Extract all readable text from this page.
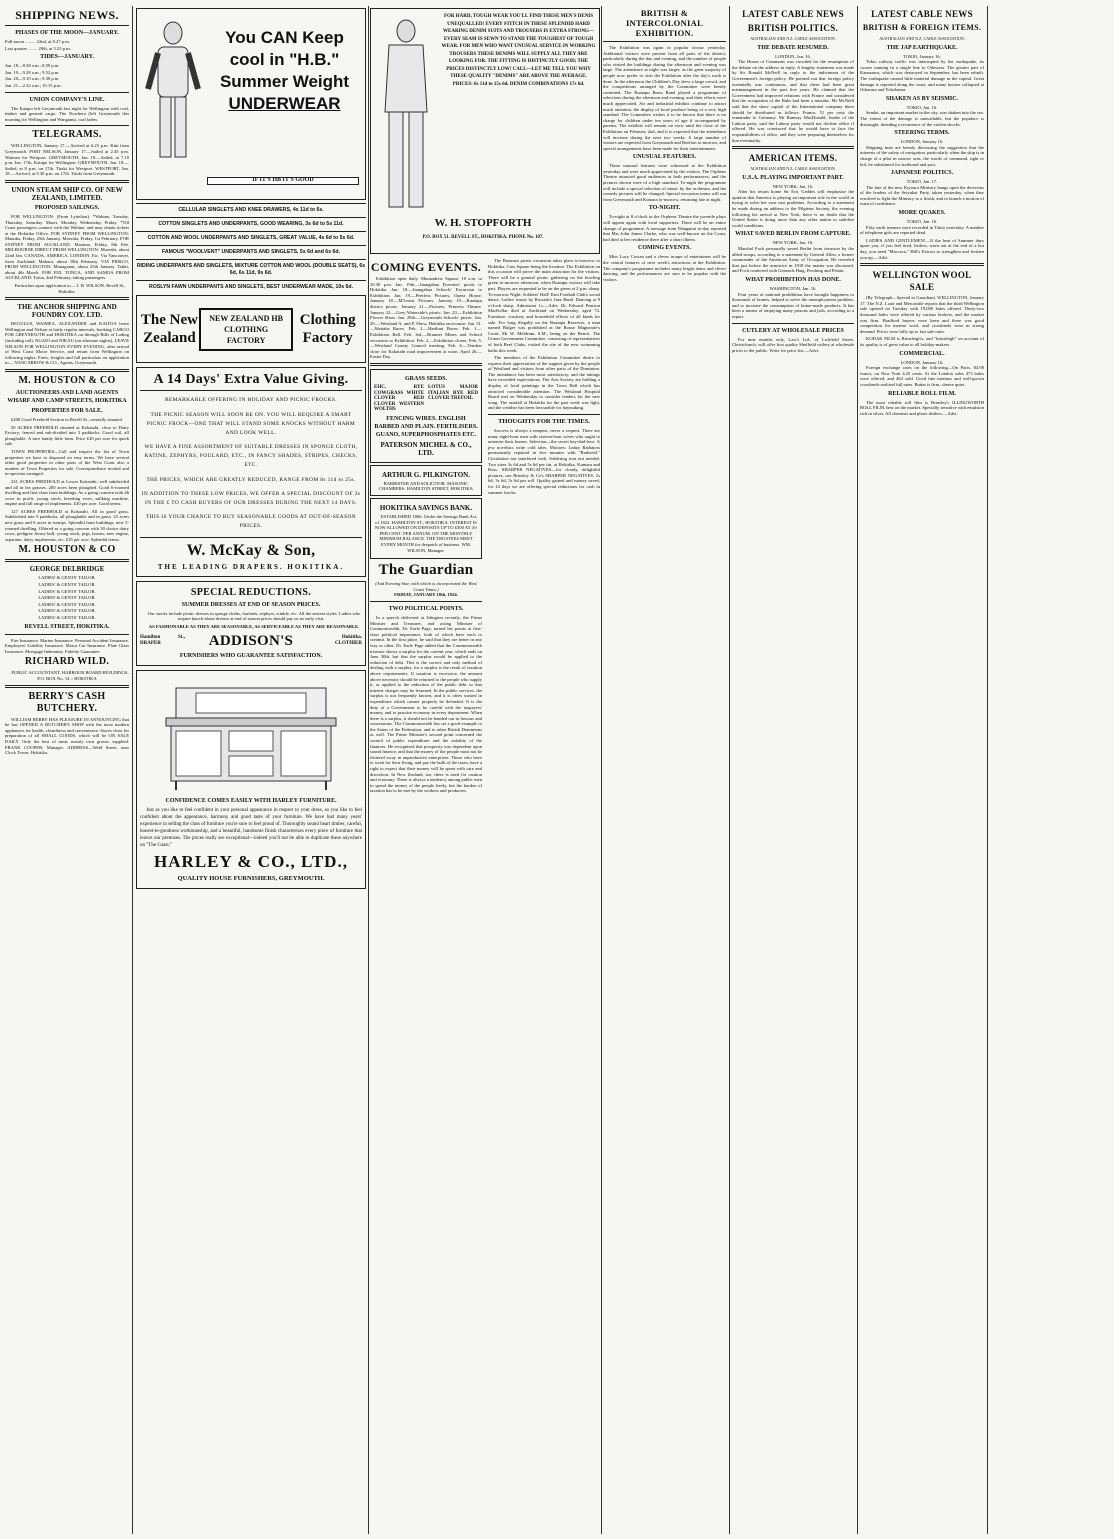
SHIPPING NEWS.
PHASES OF THE MOON—JANUARY.
Full moon ......... 22nd, at 0.27 p.m.
Last quarter ........ 29th, at 5.23 p.m.
TIDES—JANUARY.
Jan. 18—8.38 a.m.; 8.59 p.m.
Jan. 19—9.28 a.m.; 9.52 p.m.
Jan. 20—9.10 a.m.; 9.30 p.m.
Jan. 21—2.32 a.m.; 10.15 p.m.
UNION COMPANY'S LINE.

The Kaiapo left Greymouth last night for Wellington with coal, timber and general cargo. The Nowhera (left Greymouth this morning for Wellington and Wanganui, coal laden.

TELEGRAMS.

WELLINGTON, January 17.—Arrived at 6.25 p.m. Kini from Greymouth. PORT NELSON, January 17.—Sailed at 2.45 p.m. Waimea for Westport. GREYMOUTH, Jan. 18.—Sailed, at 7.10 p.m. Jan. 17th, Kaiapo for Wellington. GREYMOUTH, Jan. 18.—Sailed, at 8 p.m. on 17th. Titoki for Westport. WESTPORT, Jan. 18.—Arrived, at 9.30 p.m. on 17th. Titoki from Greymouth.

UNION STEAM SHIP CO. OF NEW ZEALAND, LIMITED.
PROPOSED SAILINGS.

FOR WELLINGTON: (From Lyttelton). *Wahine, Tuesday, Thursday, Saturday. Maori, Monday, Wednesday, Friday. *Till Coast passengers connect with the Wahine, and may obtain tickets at the Hokitika Office. FOR SYDNEY FROM WELLINGTON: Manuka, Friday, 25th January. Moeraki, Friday, 1st February. FOR SYDNEY FROM AUCKLAND: Marama, Friday, 8th Feb. MELBOURNE DIRECT FROM WELLINGTON: Moeraki, about 22nd Jan. CANADA, AMERICA, LONDON, Etc. Via Vancouver, from Auckland: Makura, about 18th February. VIA FRISCO, FROM WELLINGTON: Maunganui, about 25th January. Tahiti, about 4th March. FOR FIJI, TONGA, AND SAMOA FROM AUCKLAND: Tofua, 2nd February, taking passengers.

Particulars upon application to— J. H. WILSON, Revell St., Hokitika.

THE ANCHOR SHIPPING AND FOUNDRY COY. LTD.

REGULUS, WAIMEA, ALEXANDER and KAITOA leave Wellington and Nelson at fairly regular intervals, booking CARGO FOR GREYMOUTH and HOKITIKA on through Bills of Lading (including rail). NGAIO and NIKAU (on alternate nights), LEAVE NELSON FOR WELLINGTON EVERY EVENING, after arrival of West Coast Motor Service, and return from Wellington on following nights. Fares, freights and full particulars on application to— NANCARROW & CO., Agents, Greymouth.

M. HOUSTON & CO
AUCTIONEERS AND LAND AGENTS WHARF AND CAMP STREETS, HOKITIKA
PROPERTIES FOR SALE.

£200 Good Freehold Section in Revell St., centrally situated.

50 ACRES FREEHOLD situated at Kokatahi, close to Dairy Factory; fenced and sub-divided into 3 paddocks. Good soil, all ploughable. A nice handy little farm. Price £20 per acre for quick sale.

TOWN PROPERTIES—Call and inspect the list of Town properties we have to disposed on easy terms. We have several other good properties in other parts of the West Coast also a number of Town Properties for sale. Correspondence invited and in-spection arranged.

231 ACRES FREEHOLD at Lower Kokatahi, well subdivided and all in lea grasses. 200 acres been ploughed. Good 6-roomed dwelling and first-class farm buildings. As a going concern with 46 cows in profit, young stock, breeding ewes, milking machine, engine and full range of implements. £30 per acre. Good terms.

127 ACRES FREEHOLD at Kokatahi. All in good grass. Subdivided into 9 paddocks, all ploughable and in grass. 25 acres new grass and 6 acres in turnips. Splendid farm buildings, new 5-roomed dwelling. Offered as a going concern with 30 choice dairy cows, pedigree Jersey bull, young stock, pigs, horses, new engine, separator, dairy implements, etc. £35 per acre. Splendid terms.

M. HOUSTON & CO
GEORGE DELBRIDGE
LADIES' & GENTS' TAILOR.
LADIES' & GENTS' TAILOR.
LADIES' & GENTS' TAILOR.
LADIES' & GENTS' TAILOR.
LADIES' & GENTS' TAILOR.
LADIES' & GENTS' TAILOR.
LADIES' & GENTS' TAILOR.
REVELL STREET, HOKITIKA.

Fire Insurance. Marine Insurance. Personal Accident Insurance. Employers' Liability Insurance. Motor Car Insurance. Plate Glass Insurance. Mortgage Indemnity. Fidelity Guarantee.

RICHARD WILD.

PUBLIC ACCOUNTANT, HARBOUR BOARD BUILDINGS, P.O. BOX No. 14 :: HOKITIKA

BERRY'S CASH BUTCHERY.

WILLIAM BERRY HAS PLEASURE IN ANNOUNCING that he has OPENED A BUTCHER'S SHOP with the most modern appliances for health, cleanliness and convenience. Stores close for preparation of all SMALL GOODS, which will be ON SALE DAILY. Only the best of meat, mostly own grown, supplied. FRANK COOPER, Manager. ADDRESS—Weld Street, near Clock Tower, Hokitika.

You CAN Keep
cool in "H.B."
Summer Weight
UNDERWEAR
IF IT'S HB IT'S GOOD
CELLULAR SINGLETS AND KNEE DRAWERS, 4s 11d to 6s.
COTTON SINGLETS AND UNDERPANTS, GOOD WEARING, 3s 6d to 5s 11d.
COTTON AND WOOL UNDERPANTS AND SINGLETS, GREAT VALUE, 4s 6d to 5s 6d.
FAMOUS "WOOLVENT" UNDERPANTS AND SINGLETS, 5s 6d and 6s 6d.
RIDING UNDERPANTS AND SINGLETS, MIXTURE COTTON AND WOOL (DOUBLE SEATS), 6s 6d, 6s 11d, 9s 6d.
ROSLYN FAWN UNDERPANTS AND SINGLETS, BEST UNDERWEAR MADE, 10s 6d.
The New Zealand
NEW ZEALAND HB CLOTHING FACTORY
Clothing Factory
A 14 Days' Extra Value Giving.

REMARKABLE OFFERING IN HOLIDAY AND PICNIC FROCKS.

THE PICNIC SEASON WILL SOON BE ON. YOU WILL REQUIRE A SMART PICNIC FROCK—ONE THAT WILL STAND SOME KNOCKS WITHOUT HARM AND LOOK WELL.

WE HAVE A FINE ASSORTMENT OF SUITABLE DRESSES IN SPONGE CLOTH, RATINE, ZEPHYRS, FOULARD, ETC., IN FANCY SHADES, STRIPES, CHECKS, ETC.

THE PRICES, WHICH ARE GREATLY REDUCED, RANGE FROM 8s 11d to 25s.

IN ADDITION TO THESE LOW PRICES, WE OFFER A SPECIAL DISCOUNT OF 2s IN THE £ TO CASH BUYERS OF OUR DRESSES DURING THE NEXT 14 DAYS.

THIS IS YOUR CHANCE TO BUY SEASONABLE GOODS AT OUT-OF-SEASON PRICES.

W. McKay & Son,
THE LEADING DRAPERS. HOKITIKA.
SPECIAL REDUCTIONS.
SUMMER DRESSES AT END OF SEASON PRICES.

Our stocks include picnic dresses in sponge cloths, foulards, zephyrs, crinkle, etc. All the newest styles. Ladies who require knock-about dresses at end of season prices should pay us an early visit.

AS FASHIONABLE AS THEY ARE SEASONABLE, AS SERVICEABLE AS THEY ARE REASONABLE.

Hamilton St., DRAPER	ADDISON'S	Hokitika. CLOTHIER
FURNISHERS WHO GUARANTEE SATISFACTION.
CONFIDENCE COMES EASILY WITH HARLEY FURNITURE.

Just as you like to feel confident in your personal appearance in respect to your dress, so you like to feel confident about the appearance, harmony and good taste of your furniture. We have had many years' experience in selling the class of furniture you're sure to feel proud of. Thoroughly sound heart timber, careful, honest-to-goodness workmanship, and a beautiful, handsome finish characterises every piece of furniture that leaves our premises. The prices really are exceptional—indeed you'll not be able to duplicate these anywhere on "The Coast."

HARLEY & CO., LTD.,
QUALITY HOUSE FURNISHERS, GREYMOUTH.
FOR HARD, TOUGH WEAR YOU'LL FIND THESE MEN'S DENIS UNEQUALLED! EVERY STITCH IN THESE SPLENDID HARD WEARING DENIM SUITS AND TROUSERS IS EXTRA STRONG—EVERY SEAM IS SEWN TO STAND THE TOUGHEST OF TOUGH WEAR. FOR MEN WHO WANT UNUSUAL SERVICE IN WORKING TROUSERS THESE DENIMS WILL SUPPLY ALL THEY ARE LOOKING FOR. THE FITTING IS DISTINCTLY GOOD; THE PRICES DISTINCTLY LOW! CALL—LET ME TELL YOU WHY THESE QUALITY "DENIMS" ARE ABOVE THE AVERAGE. PRICES: 6s 11d to 15s 6d. DENIM COMBINATIONS 17s 6d.
W. H. STOPFORTH
P.O. BOX 51. REVELL ST., HOKITIKA. PHONE No. 107.
COMING EVENTS.

Exhibition open daily. Maoandrew Square, 10 a.m. to 10.30 p.m. Jan. 19th.—Inangahua Foresters' picnic to Hokitika. Jan. 18.—Inangahua Schools' Excursion to Exhibition. Jan. 19.—Peerless Pictures, Opera House. January 18.—M'Leans Pictures. January 19.—Ruatapu district picnic. January 21.—Pictures, Princess Theatre. January 22.—Grey Waterside's picnic. Jan. 23.—Exhibition Flower Show. Jan. 29th.—Greymouth Schools' picnic. Jan. 29.—Westland A. and P. Show, Hokitika racecourse. Jan. 31.—Waitaha Races. Feb. 2.—Harihari Races. Feb. 1.—Exhibition Ball. Feb. 3rd.—Brunner Mines and School excursion to Exhibition. Feb. 2.—Exhibition closes. Feb. 5.—Westland County Council meeting. Feb. 6.—Tenders close for Kokatahi road improvement at noon. April 26.—Easter Day.

GRASS SEEDS.
EHC. RYE COWGRASS WHITE CLOVER RED CLOVER WESTERN WOLTHS
LOTUS MAJOR ITALIAN RYE RED CLOVER TREFOIL
FENCING WIRES. ENGLISH BARBED AND PLAIN. FERTILISERS. GUANO, SUPERPHOSPHATES ETC.
PATERSON MICHEL & CO., LTD.
ARTHUR G. PILKINGTON.
BARRISTER AND SOLICITOR. MASONIC CHAMBERS. HAMILTON STREET, HOKITIKA
HOKITIKA SAVINGS BANK.

ESTABLISHED 1866. Under the Savings Bank Act, of 1822. HAMILTON ST., HOKITIKA. INTEREST IS NOW ALLOWED ON DEPOSITS UP TO £500 AT 4½ PER CENT. PER ANNUM. ON THE MONTHLY MINIMUM BALANCE. THE TRUSTEES MEET EVERY MONTH for despatch of business. WM. WILSON, Manager.

The Guardian
(And Evening Star, with which is incorporated the West Coast Times.)
FRIDAY, JANUARY 18th, 1924.
TWO POLITICAL POINTS.

In a speech delivered at Islington recently, the Prime Minister and Treasurer, and acting Minister of Commonwealth, Dr. Earle Page, turned his points at first-class political importance, both of which have each to commit. In the first place, he said that they are better in any way or other. Dr. Earle Page added that the Commonwealth treasure shows a surplus for the current year, which ends on June 30th, but that the surplus would be applied to the reduction of debt. This is the correct and only method of dealing with a surplus, for a surplus is the result of taxation above requirements. If taxation is excessive, the amount above necessity should be returned to the people who supply it, or applied to the reduction of the public debt so that interest charges may be lessened. In the public services, the surplus is not frequently known, and it is often wasted in expenditure which cannot properly be defended. It is the duty of a Government to be careful with the taxpayers' money, and to practise economy in every department. When there is a surplus, it should not be handed out in favours and concessions. The Commonwealth has set a good example to the States of the Federation, and to other British Dominions as well. The Prime Minister's second point concerned the control of public expenditure and the stability of the finances. He recognised that prosperity was dependent upon sound finance, and that the money of the people must not be frittered away in unproductive enterprises. Those who have to work for their living, and pay the bulk of the taxes, have a right to expect that their money will be spent with care and discretion. In New Zealand, too, there is need for caution and economy. There is always a tendency among public men to spend the money of the people freely, but the burden of taxation has to be met by the workers and producers.

The Bonanza picnic excursion takes place to-morrow to Hokitika, Cass Square being the location. The Exhibition on this occasion will prove the main attraction for the visitors. There will be a general picnic gathering on the bowling green to-morrow afternoon, when Ruatapu visitors will take part. Players are requested to be on the green at 2 p.m. sharp. To-morrow Night: Soldiers' Hall! Kini Football Club's social dance. Ladies' music by Rossetti's Jazz Band. Dancing at 9 o'clock sharp. Admission 1s.—Advt. Dr. Edward Pearson MacKellar died at Auckland on Wednesday, aged 74. Furniture, crockery and household effects of all kinds for sale. For long illegally on the Ruatapu Reserves, a man named Bulger was prohibited at the Rouse Magistrate's Court, Mr W. Meldrum, S.M., being on the Bench. The Union Government Committee, consisting of representatives of both Reef Clubs, visited the site of the new swimming baths this week.

The members of the Exhibition Committee desire to express their appreciation of the support given by the people of Westland and visitors from other parts of the Dominion. The attendance has been most satisfactory, and the takings have exceeded expectations. The Arts Society are holding a display of local paintings in the Town Hall which has attracted considerable attention. The Westland Hospital Board met on Wednesday to consider tenders for the new wing. The rainfall at Hokitika for the past week was light, and the weather has been favourable for haymaking.

THOUGHTS FOR THE TIMES.

Success is always a tempest, never a request. There are many eight-hour men with sixteen-hour wives who ought to unionise their homes. Selection—the secret key-dad-love. A jew novelists write cold tales. Mottoes: Leaky Radiators permanently repaired in five minutes with "Radweld." Circulation not interfered with. Soldering iron not needed. Two sizes 3s 6d and 5s 6d per tin, at Hokitika, Kumara and Ross. SHARPER NEGATIVES—for cloudy, delightful pictures, use Brinsley & Co's SHARPER NEGATIVES, 2s 6d, 3s 6d, 5s 6d per roll. Quality gained and money saved, for 14 days we are offering special reductions for cash in summer frocks.

BRITISH & INTERCOLONIAL EXHIBITION.

The Exhibition was again in popular favour yesterday. Additional visitors were present from all parts of the district, particularly during the day and evening, and the number of people who visited the buildings during the afternoon and evening was large. The attendance at night was larger, as the great majority of people now prefer to visit the Exhibition after the day's work is done. In the afternoon the Children's Day drew a large crowd, and the competitions arranged by the Committee were keenly contested. The Ruatapu Brass Band played a programme of selections during the afternoon and evening, and their efforts were much appreciated. Art and industrial exhibits continue to attract much attention, the display of local produce being of a very high standard. The Committee wishes it to be known that there is no charge for children under ten years of age if accompanied by parents. The exhibits will remain on view until the close of the Exhibition on February 2nd, and it is expected that the attendance will increase during the next two weeks. A large number of visitors are expected from Greymouth and Reefton to-morrow, and special arrangements have been made for their entertainment.

UNUSUAL FEATURES.

Those unusual features were witnessed at the Exhibition yesterday and were much appreciated by the visitors. The Orpheus Theatre attracted good audiences at both performances, and the pictures shown were of a high standard. To-night the programme will include a special selection of music by the orchestra, and the comedy pictures will be changed. Special excursion trains will run from Greymouth and Kumara to-morrow, returning late at night.

TO-NIGHT.

To-night at 8 o'clock in the Orpheus Theatre the juvenile plays will appear again with local supporters. There will be an entire change of programme. A message from Wanganui to-day reported that Mrs John James Clarke, who was well-known on the Coast, had died at her residence there after a short illness.

COMING EVENTS.

Miss Lucy Cowan and a clever troupe of entertainers will be the central features of next week's attractions at the Exhibition. The company's programme includes many bright items and clever dancing, and the performances are sure to be popular with the visitors.

LATEST CABLE NEWS
BRITISH POLITICS.
AUSTRALIAN AND N.Z. CABLE ASSOCIATION.
THE DEBATE RESUMED.
LONDON, Jan. 16.

The House of Commons was crowded for the resumption of the debate on the address in reply. A lengthy statement was made by Sir Ronald McNeill in reply to the indictment of the Government's foreign policy. He pointed out that foreign policy essentially was continuous, and that there had been great mismanagement in the past five years. He claimed that the Government had improved relations with France and considered that the occupation of the Ruhr had been a mistake. Mr McNeill said that the share capital of the International company there should be distributed as follows: France, 51 per cent; the remainder to Germany. Mr Ramsay MacDonald, leader of the Labour party, said the Labour party would not decline office if offered. He was convinced that he would have to face the responsibilities of office, and they were preparing themselves for that eventuality.

AMERICAN ITEMS.
AUSTRALIAN AND N.Z. CABLE ASSOCIATION.
U.S.A. PLAYING IMPORTANT PART.
NEW YORK, Jan. 16.

After his return home Sir Eric Geddes will emphasise the opinion that America is playing an important role in the world in trying to solve her own vast problems. According to a statement he made during an address to the Pilgrims Society, the evening following his arrival at New York, there is no doubt that the United States is doing more than any other nation to stabilise world conditions.

WHAT SAVED BERLIN FROM CAPTURE.
NEW YORK, Jan. 16.

Marshal Foch personally saved Berlin from invasion by the allied troops, according to a statement by General Allen, a former commander of the American Army of Occupation. He revealed that just before the armistice in 1918 the matter was discussed, and Foch conferred with Generals Haig, Pershing and Petain.

WHAT PROHIBITION HAS DONE.
WASHINGTON, Jan. 16.

Four years of national prohibition have brought happiness to thousands of homes, helped to solve the unemployment problem, and to increase the consumption of home-made products. It has been a means of emptying many prisons and jails, according to a report.

CUTLERY AT WHOLESALE PRICES

For nine months only, Law's Ltd., of Lichfield Street, Christchurch, will offer first quality Sheffield cutlery at wholesale prices to the public. Write for price list.—Advt.

LATEST CABLE NEWS
BRITISH & FOREIGN ITEMS.
AUSTRALIAN AND N.Z. CABLE ASSOCIATION.
THE JAP EARTHQUAKE.
TOKIO, January 16.

Tokio railway traffic was interrupted by the earthquake, its course running in a single line to Odawara. The greater part of Kanazawa, which was destroyed in September, has been rebuilt. The earthquake caused little material damage in the capital. Great damage is reported along the coast, and many houses collapsed at Odawara and Yokohama.

SHAKEN AS BY SEISMIC.
TOKIO, Jan. 16.

Sendai, an important market in the city, was shaken into the sea. The extent of the damage is unavailable, but the populace is distraught, dreading a recurrence of the violent shocks.

STEERING TERMS.
LONDON, January 16.

Shipping men are keenly discussing the suggestion that the interests of the safety of navigation, particularly when the ship is in charge of a pilot in narrow seas, the words of command, right or left, be substituted for starboard and port.

JAPANESE POLITICS.
TOKIO, Jan. 17.

The fate of the new Kiyoura Ministry hangs upon the decisions of the leaders of the Seiyukai Party, taken yesterday, when they resolved to fight the Ministry to a finish, and to launch a motion of want of confidence.

MORE QUAKES.
TOKIO, Jan. 16.

Fifty earth tremors were recorded in Tokio yesterday. A number of telephone girls are reported dead.

LADIES AND GENTLEMEN!—If the heat of Summer days upset you, if you feel tired, listless, worn out at the end of a hot day, you need "Maccaca." Hill's Extract to strengthen and freshen you up.—Advt.

WELLINGTON WOOL SALE

(By Telegraph—Special to Guardian). WELLINGTON, January 17. The N.Z. Loan and Mercantile reports that the third Wellington sale opened on Tuesday with 19,000 bales offered. Thirty-two thousand bales were offered by various brokers, and the market was firm. Bradford buyers were keen and there was good competition for merino wool, and crossbreds were in strong demand. Prices were fully up to last sale rates.

KODAK FILM is Brinsleigh's, and "brinsleigh" on account of its quality is of great value to all holiday-makers.

COMMERCIAL.
LONDON, January 16.

Foreign exchange rates on the following—On Paris, 84.90 francs; on New York 4.25 cents. At the London sales 473 bales were offered, and 463 sold. Good fine merinos and well-grown crossbreds realised full rates. Butter is firm, cheese quiet.

RELIABLE ROLL FILM.

The most reliable roll film is Brinsley's ILLINGWORTH ROLL FILM, best on the market. Specially sensitive with emulsion rich in silver. All chemists and photo dealers.—Advt.
